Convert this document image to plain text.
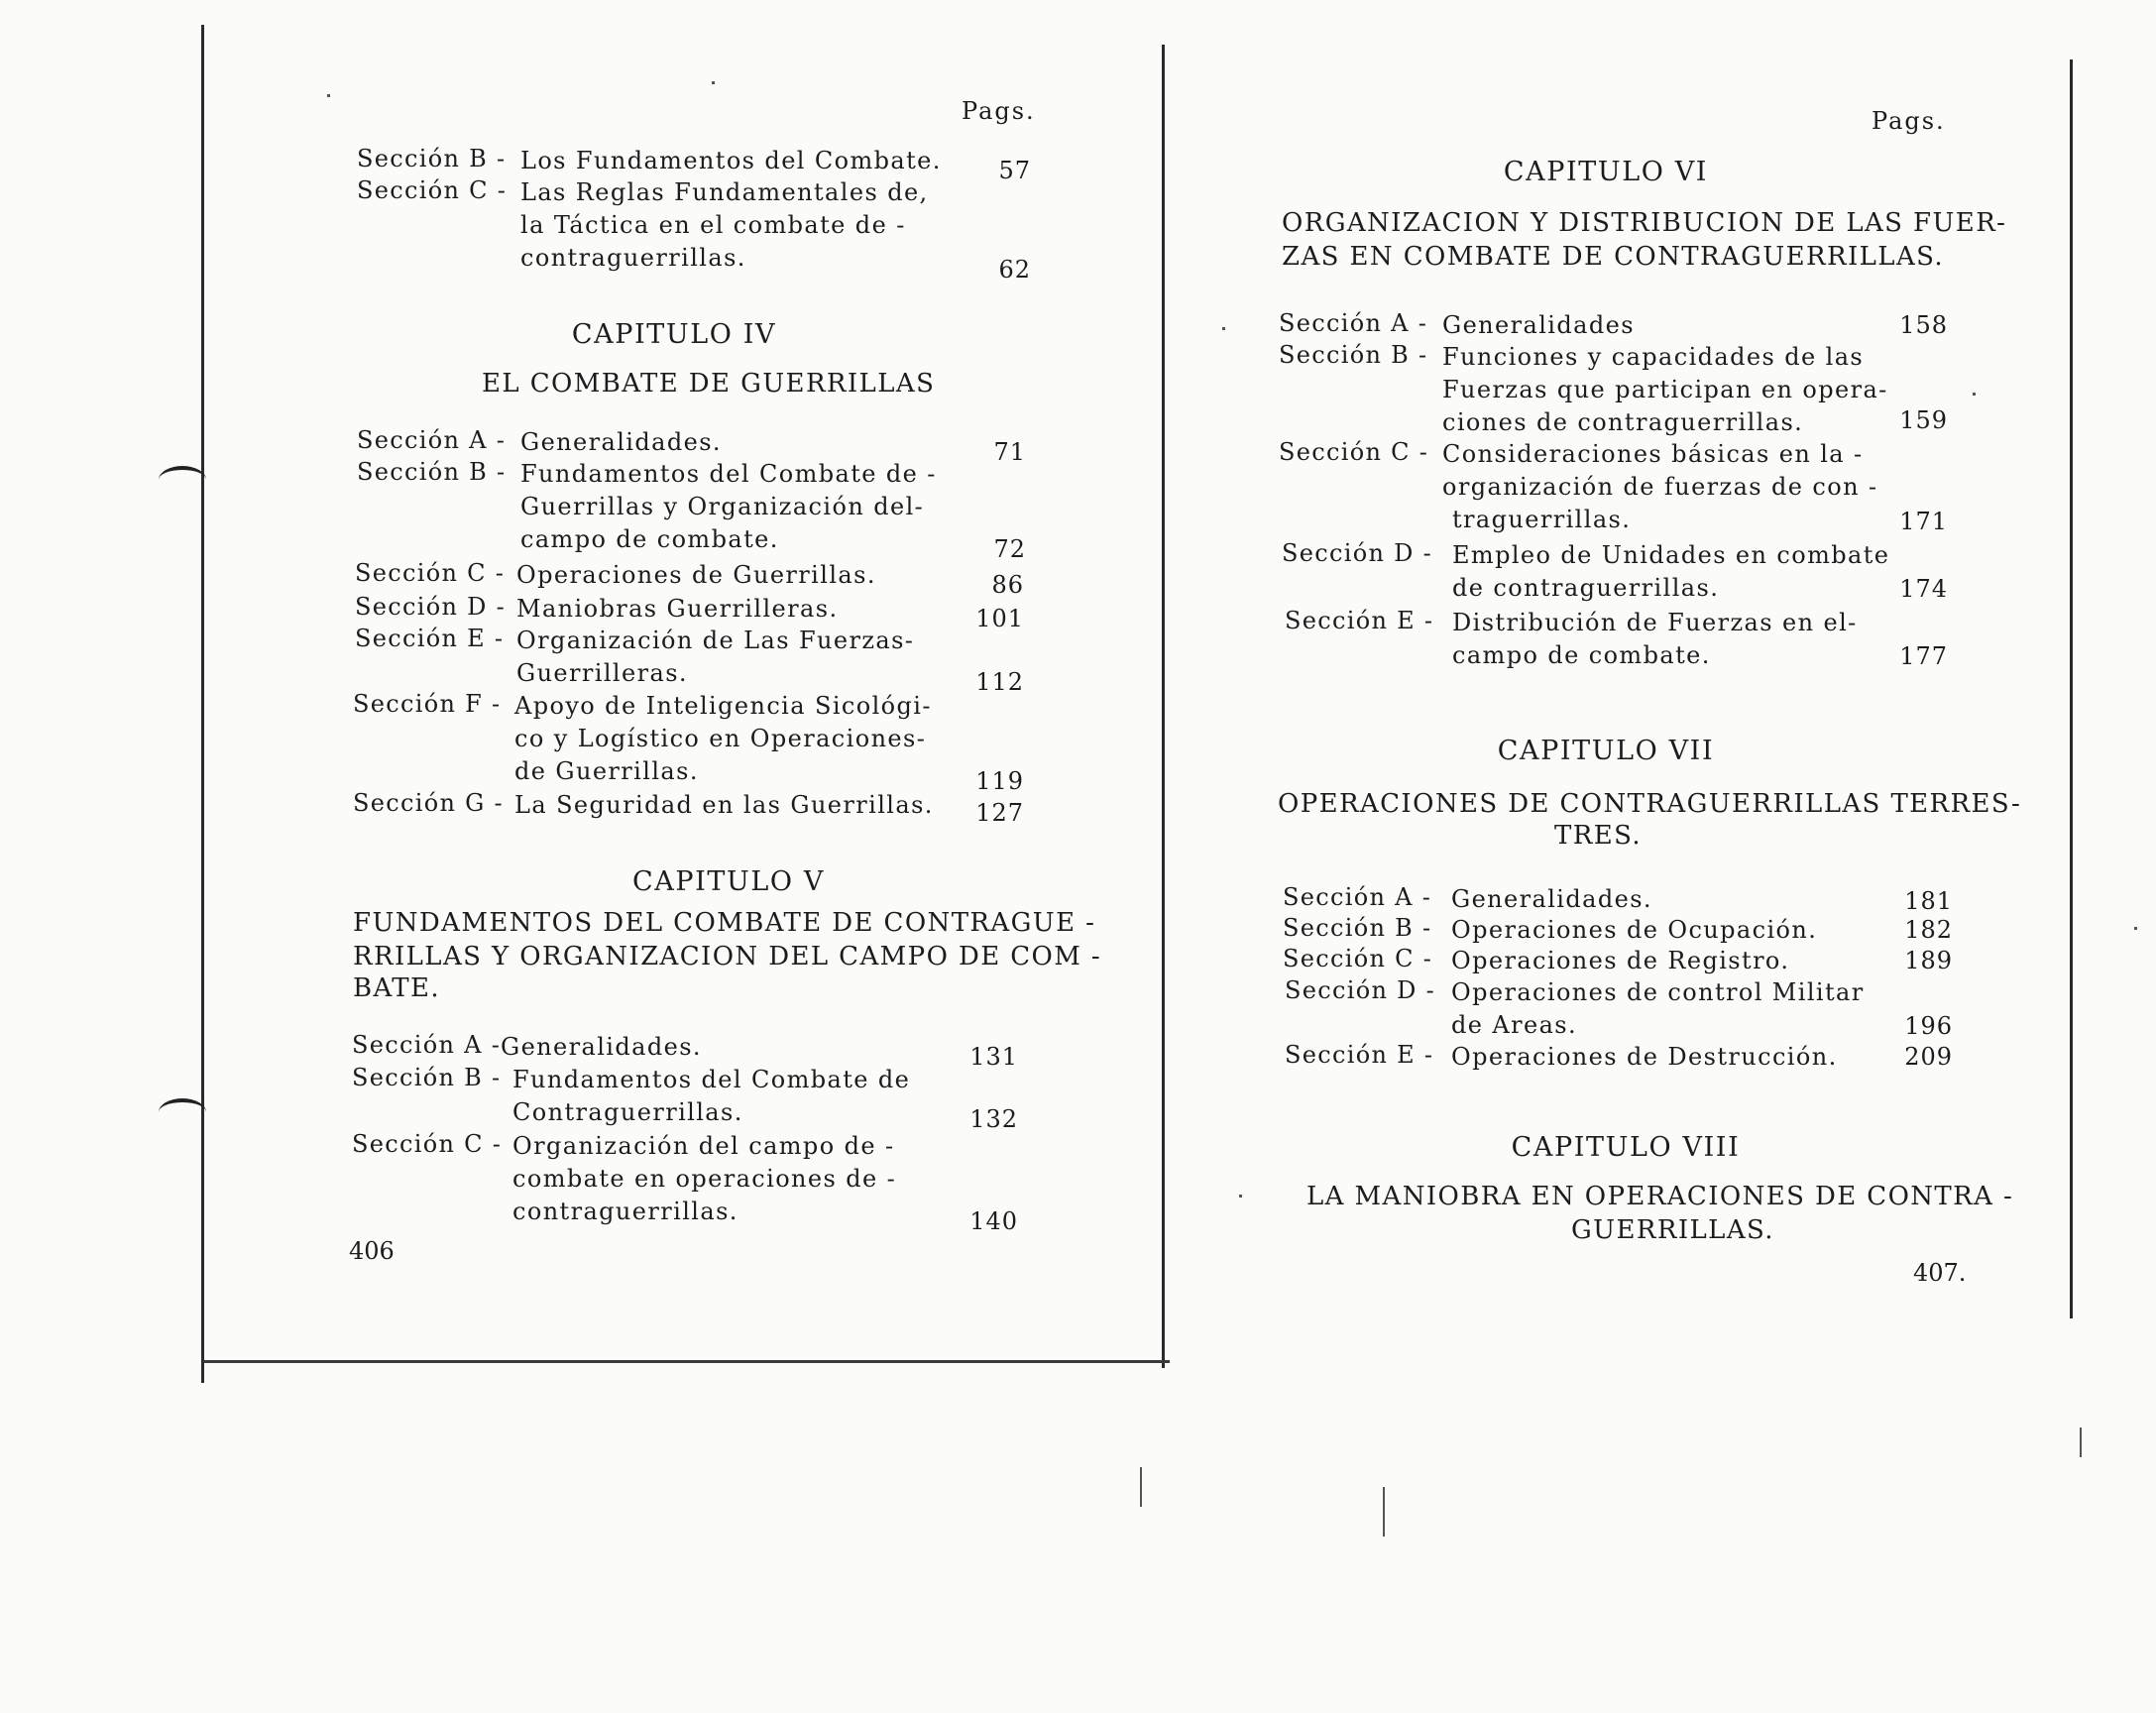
Pags.
Sección B - Los Fundamentos del Combate. 57
Sección C - Las Reglas Fundamentales de,
la Táctica en el combate de -
contraguerrillas.	62
CAPITULO IV
EL COMBATE DE GUERRILLAS
Sección A - Generalidades.	71
Sección B - Fundamentos del Combate de -
Guerrillas y Organización del-
campo de combate.	72
Sección C - Operaciones de Guerrillas.	86
Sección D - Maniobras Guerrilleras.	101
Sección E - Organización de Las Fuerzas-
Guerrilleras.	112
Sección F - Apoyo de Inteligencia Sicológi-
co y Logístico en Operaciones-
de Guerrillas.	119
Sección G - La Seguridad en las Guerrillas. 127
CAPITULO V
FUNDAMENTOS DEL COMBATE DE CONTRAGUE -
RRILLAS Y ORGANIZACION DEL CAMPO DE COM -
BATE.
Sección A - Generalidades.	131
Sección B - Fundamentos del Combate de
Contraguerrillas.	132
Sección C - Organización del campo de -
combate en operaciones de -
contraguerrillas.	140
406
Pags.
CAPITULO VI
ORGANIZACION Y DISTRIBUCION DE LAS FUER-
ZAS EN COMBATE DE CONTRAGUERRILLAS.
Sección A - Generalidades	158
Sección B - Funciones y capacidades de las
Fuerzas que participan en opera-
ciones de contraguerrillas.	159
Sección C - Consideraciones básicas en la -
organización de fuerzas de con -
traguerrillas.	171
Sección D - Empleo de Unidades en combate
de contraguerrillas.	174
Sección E - Distribución de Fuerzas en el-
campo de combate.	177
CAPITULO VII
OPERACIONES DE CONTRAGUERRILLAS TERRES-
TRES.
Sección A - Generalidades.	181
Sección B - Operaciones de Ocupación.	182
Sección C - Operaciones de Registro.	189
Sección D - Operaciones de control Militar
de Areas.	196
Sección E - Operaciones de Destrucción.	209
CAPITULO VIII
LA MANIOBRA EN OPERACIONES DE CONTRA -
GUERRILLAS.
407.
